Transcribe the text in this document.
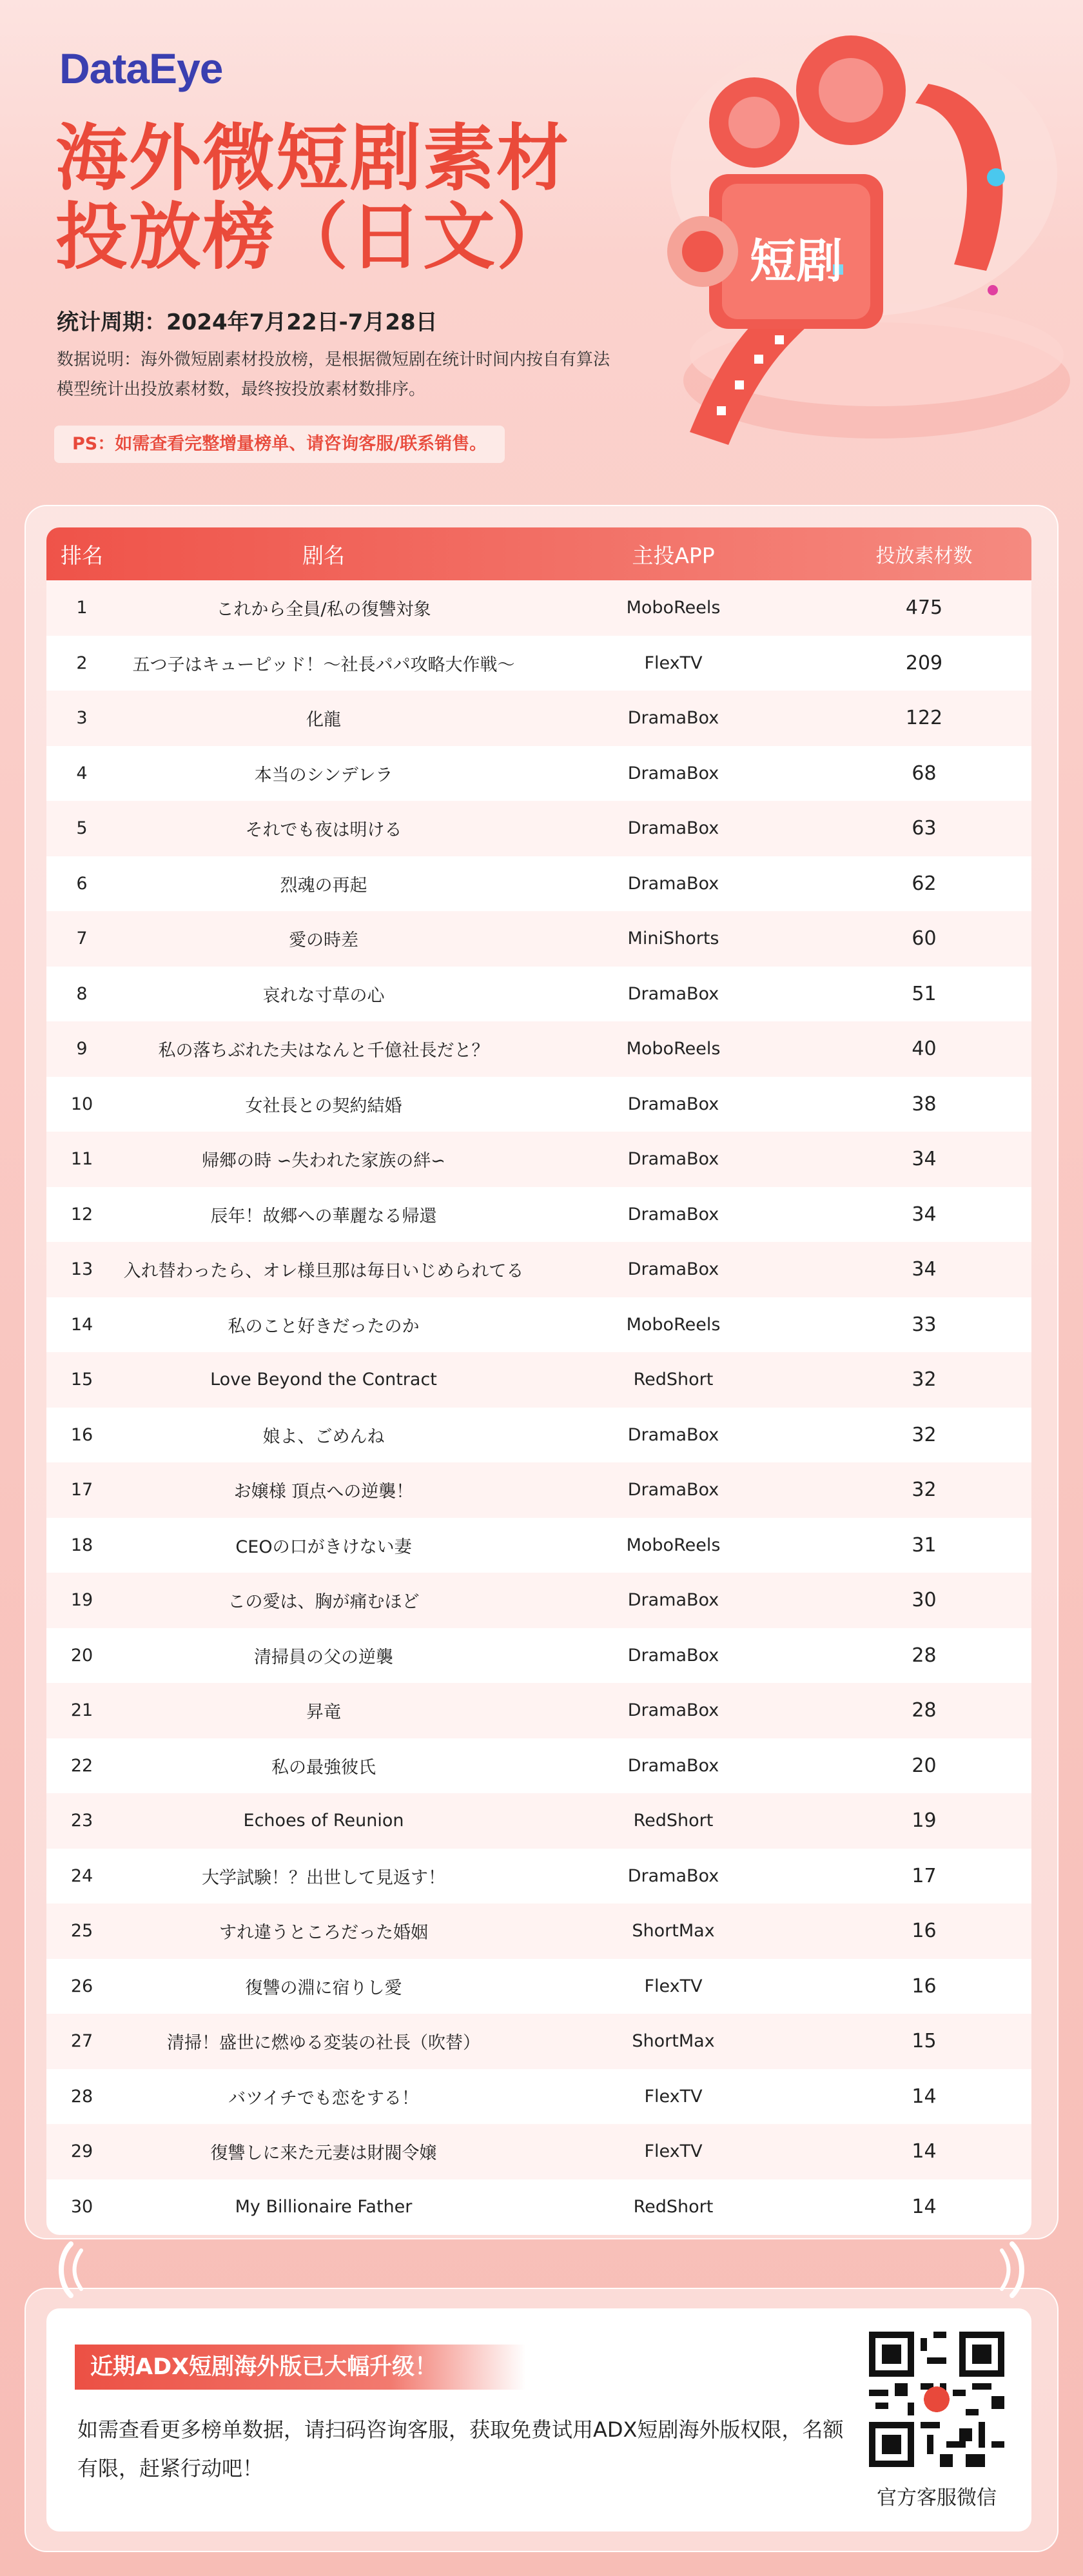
DataEye
海外微短剧素材
投放榜（日文）
统计周期：2024年7月22日-7月28日
数据说明：海外微短剧素材投放榜，是根据微短剧在统计时间内按自有算法模型统计出投放素材数，最终按投放素材数排序。
PS：如需查看完整增量榜单、请咨询客服/联系销售。
短剧
排名	剧名	主投APP	投放素材数
1	これから全員/私の復讐対象	MoboReels	475
2	五つ子はキューピッド！～社長パパ攻略大作戦～	FlexTV	209
3	化龍	DramaBox	122
4	本当のシンデレラ	DramaBox	68
5	それでも夜は明ける	DramaBox	63
6	烈魂の再起	DramaBox	62
7	愛の時差	MiniShorts	60
8	哀れな寸草の心	DramaBox	51
9	私の落ちぶれた夫はなんと千億社長だと？	MoboReels	40
10	女社長との契約結婚	DramaBox	38
11	帰郷の時 ∽失われた家族の絆∽	DramaBox	34
12	辰年！故郷への華麗なる帰還	DramaBox	34
13	入れ替わったら、オレ様旦那は毎日いじめられてる	DramaBox	34
14	私のこと好きだったのか	MoboReels	33
15	Love Beyond the Contract	RedShort	32
16	娘よ、ごめんね	DramaBox	32
17	お嬢様 頂点への逆襲！	DramaBox	32
18	CEOの口がきけない妻	MoboReels	31
19	この愛は、胸が痛むほど	DramaBox	30
20	清掃員の父の逆襲	DramaBox	28
21	昇竜	DramaBox	28
22	私の最強彼氏	DramaBox	20
23	Echoes of Reunion	RedShort	19
24	大学試験！？出世して見返す！	DramaBox	17
25	すれ違うところだった婚姻	ShortMax	16
26	復讐の淵に宿りし愛	FlexTV	16
27	清掃！盛世に燃ゆる変装の社長（吹替）	ShortMax	15
28	バツイチでも恋をする！	FlexTV	14
29	復讐しに来た元妻は財閥令嬢	FlexTV	14
30	My Billionaire Father	RedShort	14
近期ADX短剧海外版已大幅升级！
如需查看更多榜单数据，请扫码咨询客服，获取免费试用ADX短剧海外版权限，名额有限，赶紧行动吧！
官方客服微信
